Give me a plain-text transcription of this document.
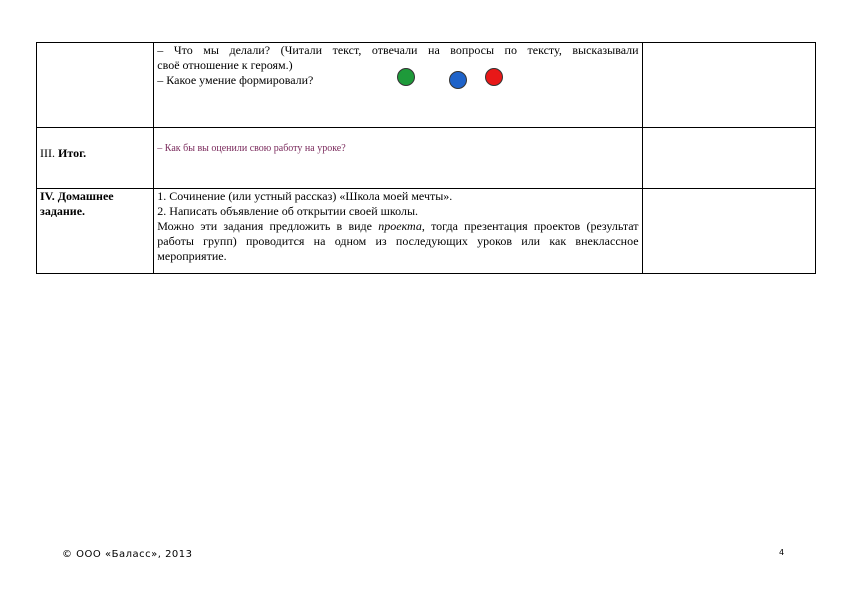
	– Что мы делали? (Читали текст, отвечали на вопросы по тексту, высказывали
своё отношение к героям.)
– Какое умение формировали?	

III. Итог.	– Как бы вы оценили свою работу на уроке?	
IV. Домашнее задание.	1. Сочинение (или устный рассказ) «Школа моей мечты».
2. Написать объявление об открытии своей школы.
Можно эти задания предложить в виде проекта, тогда презентация проектов (результат работы групп) проводится на одном из последующих уроков или как внеклассное мероприятие.	

© ООО «Баласс», 2013	4
